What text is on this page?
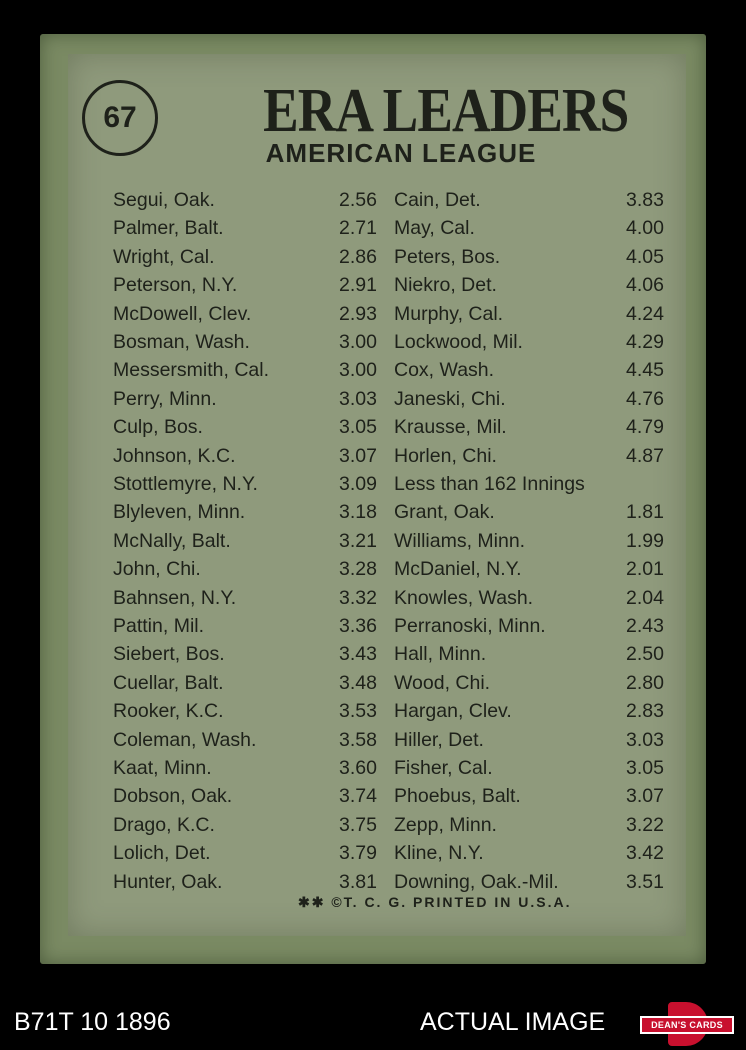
67	ERA LEADERS
AMERICAN LEAGUE
Less than 162 Innings
✱✱ ©T. C. G. PRINTED IN U.S.A.
Segui, Oak.	2.56
Palmer, Balt.	2.71
Wright, Cal.	2.86
Peterson, N.Y.	2.91
McDowell, Clev.	2.93
Bosman, Wash.	3.00
Messersmith, Cal.	3.00
Perry, Minn.	3.03
Culp, Bos.	3.05
Johnson, K.C.	3.07
Stottlemyre, N.Y.	3.09
Blyleven, Minn.	3.18
McNally, Balt.	3.21
John, Chi.	3.28
Bahnsen, N.Y.	3.32
Pattin, Mil.	3.36
Siebert, Bos.	3.43
Cuellar, Balt.	3.48
Rooker, K.C.	3.53
Coleman, Wash.	3.58
Kaat, Minn.	3.60
Dobson, Oak.	3.74
Drago, K.C.	3.75
Lolich, Det.	3.79
Hunter, Oak.	3.81
Cain, Det.	3.83
May, Cal.	4.00
Peters, Bos.	4.05
Niekro, Det.	4.06
Murphy, Cal.	4.24
Lockwood, Mil.	4.29
Cox, Wash.	4.45
Janeski, Chi.	4.76
Krausse, Mil.	4.79
Horlen, Chi.	4.87
Grant, Oak.	1.81
Williams, Minn.	1.99
McDaniel, N.Y.	2.01
Knowles, Wash.	2.04
Perranoski, Minn.	2.43
Hall, Minn.	2.50
Wood, Chi.	2.80
Hargan, Clev.	2.83
Hiller, Det.	3.03
Fisher, Cal.	3.05
Phoebus, Balt.	3.07
Zepp, Minn.	3.22
Kline, N.Y.	3.42
Downing, Oak.-Mil.	3.51
B71T 10 1896	ACTUAL IMAGE	DEAN'S CARDS
